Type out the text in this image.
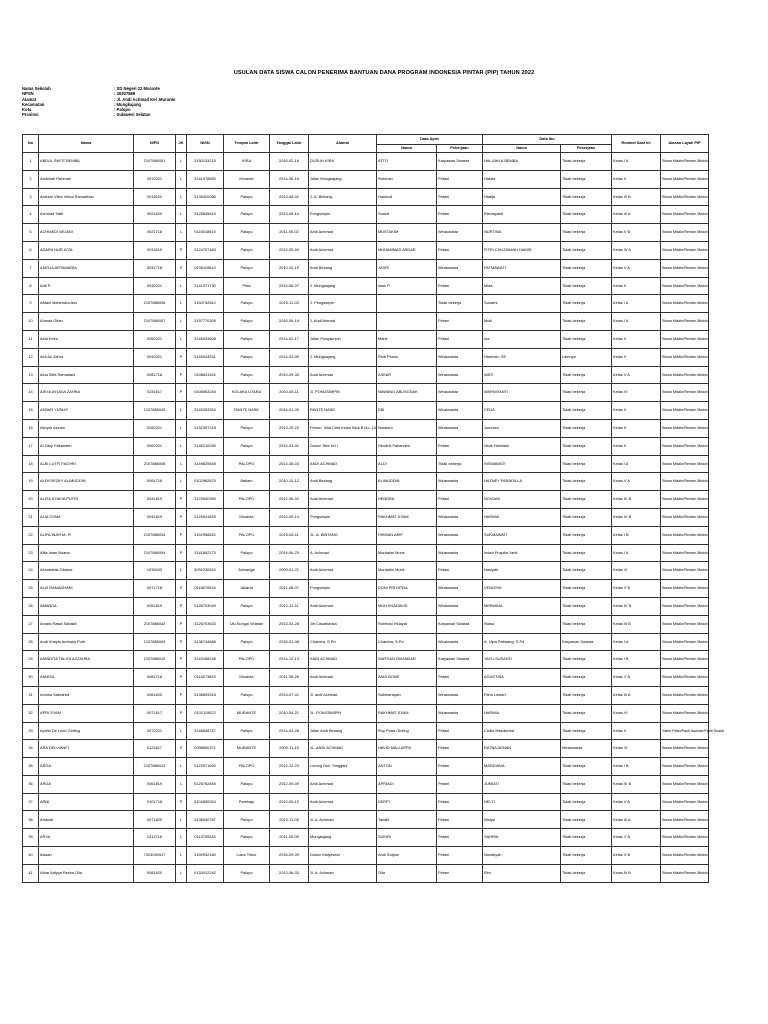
USULAN DATA SISWA CALON PENERIMA BANTUAN DANA PROGRAM INDONESIA PINTAR (PIP) TAHUN 2022
Nama Sekolah	: SD Negeri 22 Murante
NPSN	: 40307889
Alamat	: Jl. Andi Achmad Kel .Murante
Kecamatan	: Mungkajang
Kota	: Palopo
Provinsi	: Sulawesi Selatan
No	Nama	NIPD	JK	NISN	Tempat Lahir	Tanggal Lahir	Alamat	Data Ayah		Data Ibu		Rombel Saat Ini	Alasan Layak PIP
								Nama	Pekerjaan	Nama	Pekerjaan		
1	ABDUL RAFIT BEMBA	2107886001	L	3150133215	KIRA	2015-02-16	DUSUN KIRA'	ATTO	Karyawan Swasta	HALIJAH A BEMBA	Tidak bekerja	Kelas I A	Siswa Miskin/Rentan Miskin
2	Abdullah Rahman	0012021	L	3141078890	Murante	2014-06-15	Jalan Mungkajang	Rahman	Petani	Hasda	Tidak bekerja	Kelas II	Siswa Miskin/Rentan Miskin
3	Abizzar Vilee Viena Ramadhan	0011620	L	3136320086	Palopo	2013-08-02	J. A. Bintang	Hasbudi	Petani	Hadija	Tidak bekerja	Kelas III B	Siswa Miskin/Rentan Miskin
4	Achmad Saffi	0021620	L	3125845619	Palopo	2013-08-14	Pongsimpin	Suardi	Petani	Rismayanti	Tidak bekerja	Kelas III A	Siswa Miskin/Rentan Miskin
5	ACHMADI NEJADI	0021718	L	0115018515	Palopo	2011-05-02	Andi Achmad	MUSTAKIM	Wiraswasta	NURTINA	Tidak bekerja	Kelas V B	Siswa Miskin/Rentan Miskin
6	ADARA NUR IVZA	0011819	P	0124737463	Palopo	2012-05-04	Andi Achmad	MUHAMMAD ASDAR	Petani	FITRI CHUZAIMAH HAMID	Tidak bekerja	Kelas IV A	Siswa Miskin/Rentan Miskin
7	ADELIA ARTAMARIA	0031718	P	0105119613	Palopo	2010-10-19	Andi Bintang	JASRI	Wiraswasta	FATMAWATI	Tidak bekerja	Kelas V A	Siswa Miskin/Rentan Miskin
8	Adil P.	0032021	L	3141571790	Peta	2014-06-07	J. Mungkajang	iwan P.	Petani	Mida	Tidak bekerja	Kelas II	Siswa Miskin/Rentan Miskin
9	Afdani Mahendra Aris	2107886006	L	3150742812	Palopo	2015-11-03	J. Pongsimpin		Tidak bekerja	Sunarni	Tidak bekerja	Kelas I A	Siswa Miskin/Rentan Miskin
10	Ahmad Gifari	2107886007	L	3157770309	Palopo	2015-08-14	J. Andi Ahmad		Petani	Mulli	Tidak bekerja	Kelas I A	Siswa Miskin/Rentan Miskin
11	Aedi Keiro	0052021	L	3146034608	Palopo	2014-02-17	Jalan Pongsimpin	Mahir	Petani	Ina	Tidak bekerja	Kelas II	Siswa Miskin/Rentan Miskin
12	Aini Az Zahra	0042021	P	3149044531	Palopo	2014-03-05	J. Mungkajang	Rodi Psans	Wiraswasta	Hamnah, SE	Lainnya	Kelas II	Siswa Miskin/Rentan Miskin
13	Aina Silfa Ramadani	0081718	P	0108631154	Palopo	2010-09-30	Andi Achmad	ASKAR	Wiraswasta	WATI	Tidak bekerja	Kelas V A	Siswa Miskin/Rentan Miskin
14	AISYA AYUDIA ZAHRA	0231617	P	0108063244	KOLAKA UTARA	2010-05-11	Jl. PONGSIMPIN	NAWANG ABUSODAK	Wiraswasta	WARNIYANTI	Tidak bekerja	Kelas VI	Siswa Miskin/Rentan Miskin
15	AKBAR YUNUS	2107886043	L	3145253354	RANTE NASE	2014-01-26	RANTE NASE	EBI	Wiraswasta	CEDA	Tidak bekerja	Kelas II	Siswa Miskin/Rentan Miskin
16	Akhyar Azzam	0282021	L	0132397218	Palopo	2013-10-22	Perum. Villa Citra Indah Blok B No. 10	Nuralam	Wiraswasta	Jumriani	Tidak bekerja	Kelas II	Siswa Miskin/Rentan Miskin
17	Al Zaky Pakanden	0062021	L	3146210045	Palopo	2014-03-01	Dusun Tete Uri I	Hendrik Pakanden	Petani	Ninik Hastriani	Tidak bekerja	Kelas II	Siswa Miskin/Rentan Miskin
18	ALBI LUTFI FACHRI	2107886008	L	3149825548	PALOPO	2014-08-03	ANDI ACHMAD	ALDI	Tidak bekerja	RISMAWATI	Tidak bekerja	Kelas I A	Siswa Miskin/Rentan Miskin
19	ALFA REZKY ALIMUDDIN	0061718	L	0102982675	Bakam	2010-12-12	Andi Bintang	ALIMUDDIN	Wiraswasta	HAZNEY PARADILLA	Tidak bekerja	Kelas V A	Siswa Miskin/Rentan Miskin
20	ALFIA SYAKIA PUTRI	0031819	P	3123640390	PALOPO	2012-06-02	Andi Achmad	HENDRA	Petani	NOVIANI	Tidak bekerja	Kelas IV B	Siswa Miskin/Rentan Miskin
21	ALIA SYAM	0041819	P	0129941829	Murante	2012-09-14	Pongsimpin	RAKHMAT SYAM	Wiraswasta	HARMIA	Tidak bekerja	Kelas IV B	Siswa Miskin/Rentan Miskin
22	ALIFA INAYHA. R	2107886034	P	3152958822	PALOPO	2015-03-11	JL. A. BINTANG	RIKMAN ARIF	Wiraswasta	SUKMAWATI	Tidak bekerja	Kelas I B	Siswa Miskin/Rentan Miskin
23	Alfia Intan Buana	2107886004	P	3141652173	Palopo	2014-06-23	A. Achmad	Murdalim Munir	Wiraswasta	Indah Puspita Yanti	Tidak bekerja	Kelas I A	Siswa Miskin/Rentan Miskin
24	Almubarak Obama	1516043	L	3092230610	Alenanga	2009-01-21	Andi Achmad	Murdalim Munir	Petani	Hasipah	Tidak bekerja	Kelas VI	Siswa Miskin/Rentan Miskin
25	ALVI RAMADHANI	0071718	P	0114670516	Jakarta	2011-08-07	Pongsimpin	DONI PRIYATNA	Wiraswasta	VENGSIH	Tidak bekerja	Kelas V B	Siswa Miskin/Rentan Miskin
26	AMANDA	0051819	P	0128703049	Palopo	2012-12-11	Andi Achmad	MUH.KHADAVID	Wiraswasta	MIRWANA	Tidak bekerja	Kelas IV B	Siswa Miskin/Rentan Miskin
27	Amara Raisa Sabakti	2107886042	P	3126703633	Ulu Sungai Selatan	2013-03-28	Jln Casablanka	Rohmad Hidayat	Karyawan Swasta	Raisa	Tidak bekerja	Kelas III B	Siswa Miskin/Rentan Miskin
28	Andi Khayla Ambasa Putri	2107886009	P	3136744688	Palopo	2015-01-08	Chandra, S.Pd	Chandra, S.Pd	Wiraswasta	A. Ulpa Paliwang, S.Pd	Karyawan Swasta	Kelas I A	Siswa Miskin/Rentan Miskin
29	ANINDITA TALITA AZZAHRA	2107886010	P	3143168248	PALOPO	2014-12-13	ANDI ACHMAD	SARTIAN ISKANDAR	Karyawan Swasta	YAYU SUSANTI	Tidak bekerja	Kelas I B	Siswa Miskin/Rentan Miskin
30	ANNISA	0081718	P	0114673853	Murante	2011-09-26	Andi Achmad	ANIS BONE	Petani	AGUSTINA	Tidak bekerja	Kelas V B	Siswa Miskin/Rentan Miskin
31	Annisa Sabrahidi	0061620	P	3136693318	Palopo	2013-07-01	Jl. andi Achmad	Sahmansyah	Wiraswasta	Fahri Lestari	Tidak bekerja	Kelas III A	Siswa Miskin/Rentan Miskin
32	APRI SYAM	0071617	P	0102119522	MURANTE	2010-04-21	JL. PONGSIMPIN	RAKHMAT SYAM	Wiraswasta	HARMIA	Tidak bekerja	Kelas VI	Siswa Miskin/Rentan Miskin
33	Aprilio De Leon Ginting	0072021	L	3146848787	Palopo	2014-04-26	Jalan Andi Bintang	Roy Putra Ginting	Petani	Cicilia Hasdianna	Tidak bekerja	Kelas II	Yatim Piatu/Panti Asuhan/Panti Sosial
34	ARA DELVIANFI	0121617	P	0098690371	MURANTE	2009-11-19	JL. ANDI ACHMAD	HAVID MALLAPPA	Petani	RATNA ADNAN	Wiraswasta	Kelas VI	Siswa Miskin/Rentan Miskin
35	ARGA	2107886012	L	0122571692	PALOPO	2012-12-23	Lorong Dsn. Singgani	ANTON	Petani	MARDIANA	Tidak bekerja	Kelas I B	Siswa Miskin/Rentan Miskin
36	ARGA	0061819	L	0125762845	Palopo	2012-09-09	Andi Achmad	APRIADI	Petani	JUMIATI	Tidak bekerja	Kelas IV B	Siswa Miskin/Rentan Miskin
37	ARNI	0101718	P	0104830924	Parekaju	2010-09-12	Andi Achmad	SERPI	Petani	NELTI	Tidak bekerja	Kelas V A	Siswa Miskin/Rentan Miskin
38	Artanidi	0071620	L	3136940787	Palopo	2013-11-08	Jl. A. Achmad	Tanaiti	Petani	Widya	Tidak bekerja	Kelas III A	Siswa Miskin/Rentan Miskin
39	ARYA	0111718	L	0113755283	Palopo	2011-05-05	Mungkajang	SUKIRI	Petani	SAHRIA	Tidak bekerja	Kelas V B	Siswa Miskin/Rentan Miskin
40	Aswan	7324030917	L	3150932160	Luwu Timur	2015-09-09	Dusun Malyewori	Andi Sofyan	Petani	Nurasiyah	Tidak bekerja	Kelas V B	Siswa Miskin/Rentan Miskin
41	Athar Adiyya Rezka Olia	0081620	L	0133012242	Palopo	2013-06-03	Jl. A. Achmad	Olia	Petani	Rini	Tidak bekerja	Kelas III B	Siswa Miskin/Rentan Miskin
